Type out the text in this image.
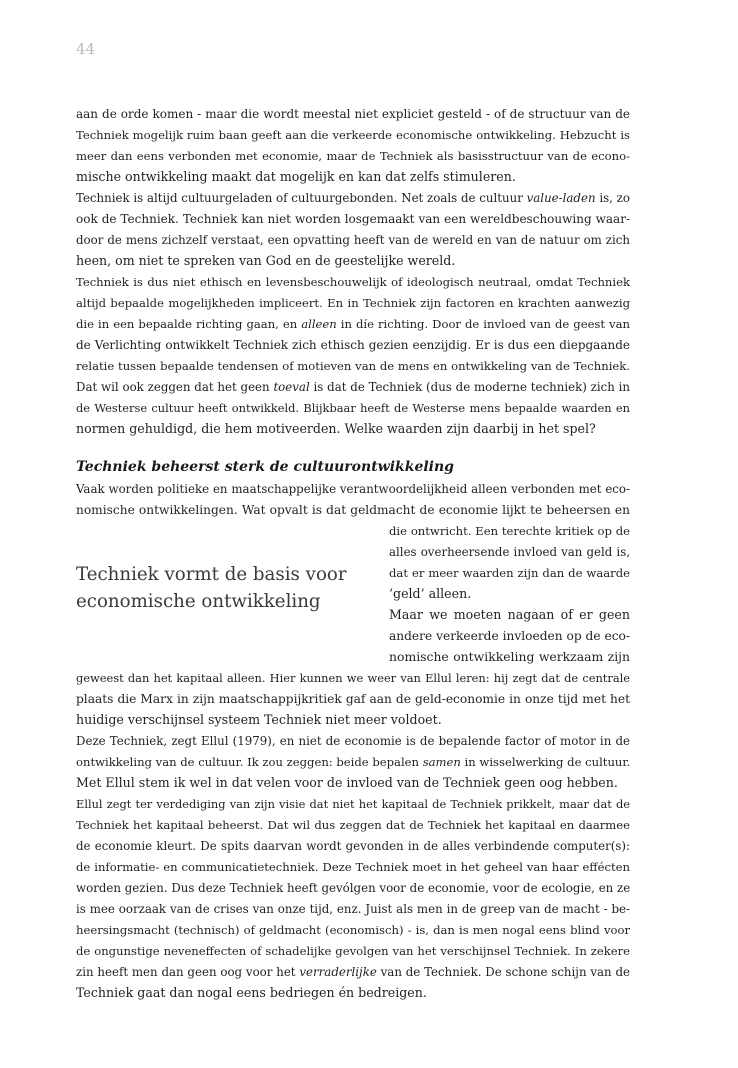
44
aan de orde komen - maar die wordt meestal niet expliciet gesteld - of de structuur van de
Techniek mogelijk ruim baan geeft aan die verkeerde economische ontwikkeling. Hebzucht is
meer dan eens verbonden met economie, maar de Techniek als basisstructuur van de econo-
mische ontwikkeling maakt dat mogelijk en kan dat zelfs stimuleren.
Techniek is altijd cultuurgeladen of cultuurgebonden. Net zoals de cultuur value-laden is, zo
ook de Techniek. Techniek kan niet worden losgemaakt van een wereldbeschouwing waar-
door de mens zichzelf verstaat, een opvatting heeft van de wereld en van de natuur om zich
heen, om niet te spreken van God en de geestelijke wereld.
Techniek is dus niet ethisch en levensbeschouwelijk of ideologisch neutraal, omdat Techniek
altijd bepaalde mogelijkheden impliceert. En in Techniek zijn factoren en krachten aanwezig
die in een bepaalde richting gaan, en alleen in díe richting. Door de invloed van de geest van
de Verlichting ontwikkelt Techniek zich ethisch gezien eenzijdig. Er is dus een diepgaande
relatie tussen bepaalde tendensen of motieven van de mens en ontwikkeling van de Techniek.
Dat wil ook zeggen dat het geen toeval is dat de Techniek (dus de moderne techniek) zich in
de Westerse cultuur heeft ontwikkeld. Blijkbaar heeft de Westerse mens bepaalde waarden en
normen gehuldigd, die hem motiveerden. Welke waarden zijn daarbij in het spel?
Techniek beheerst sterk de cultuurontwikkeling
Vaak worden politieke en maatschappelijke verantwoordelijkheid alleen verbonden met eco-
nomische ontwikkelingen. Wat opvalt is dat geldmacht de economie lijkt te beheersen en
die ontwricht. Een terechte kritiek op de
alles overheersende invloed van geld is,
dat er meer waarden zijn dan de waarde
‘geld’ alleen.
Maar we moeten nagaan of er geen
andere verkeerde invloeden op de eco-
nomische ontwikkeling werkzaam zijn
geweest dan het kapitaal alleen. Hier kunnen we weer van Ellul leren: hij zegt dat de centrale
plaats die Marx in zijn maatschappijkritiek gaf aan de geld-economie in onze tijd met het
huidige verschijnsel systeem Techniek niet meer voldoet.
Deze Techniek, zegt Ellul (1979), en niet de economie is de bepalende factor of motor in de
ontwikkeling van de cultuur. Ik zou zeggen: beide bepalen samen in wisselwerking de cultuur.
Met Ellul stem ik wel in dat velen voor de invloed van de Techniek geen oog hebben.
Ellul zegt ter verdediging van zijn visie dat niet het kapitaal de Techniek prikkelt, maar dat de
Techniek het kapitaal beheerst. Dat wil dus zeggen dat de Techniek het kapitaal en daarmee
de economie kleurt. De spits daarvan wordt gevonden in de alles verbindende computer(s):
de informatie- en communicatietechniek. Deze Techniek moet in het geheel van haar effécten
worden gezien. Dus deze Techniek heeft gevólgen voor de economie, voor de ecologie, en ze
is mee oorzaak van de crises van onze tijd, enz. Juist als men in de greep van de macht - be-
heersingsmacht (technisch) of geldmacht (economisch) - is, dan is men nogal eens blind voor
de ongunstige neveneffecten of schadelijke gevolgen van het verschijnsel Techniek. In zekere
zin heeft men dan geen oog voor het verraderlijke van de Techniek. De schone schijn van de
Techniek gaat dan nogal eens bedriegen én bedreigen.
Techniek vormt de basis voor
economische ontwikkeling
